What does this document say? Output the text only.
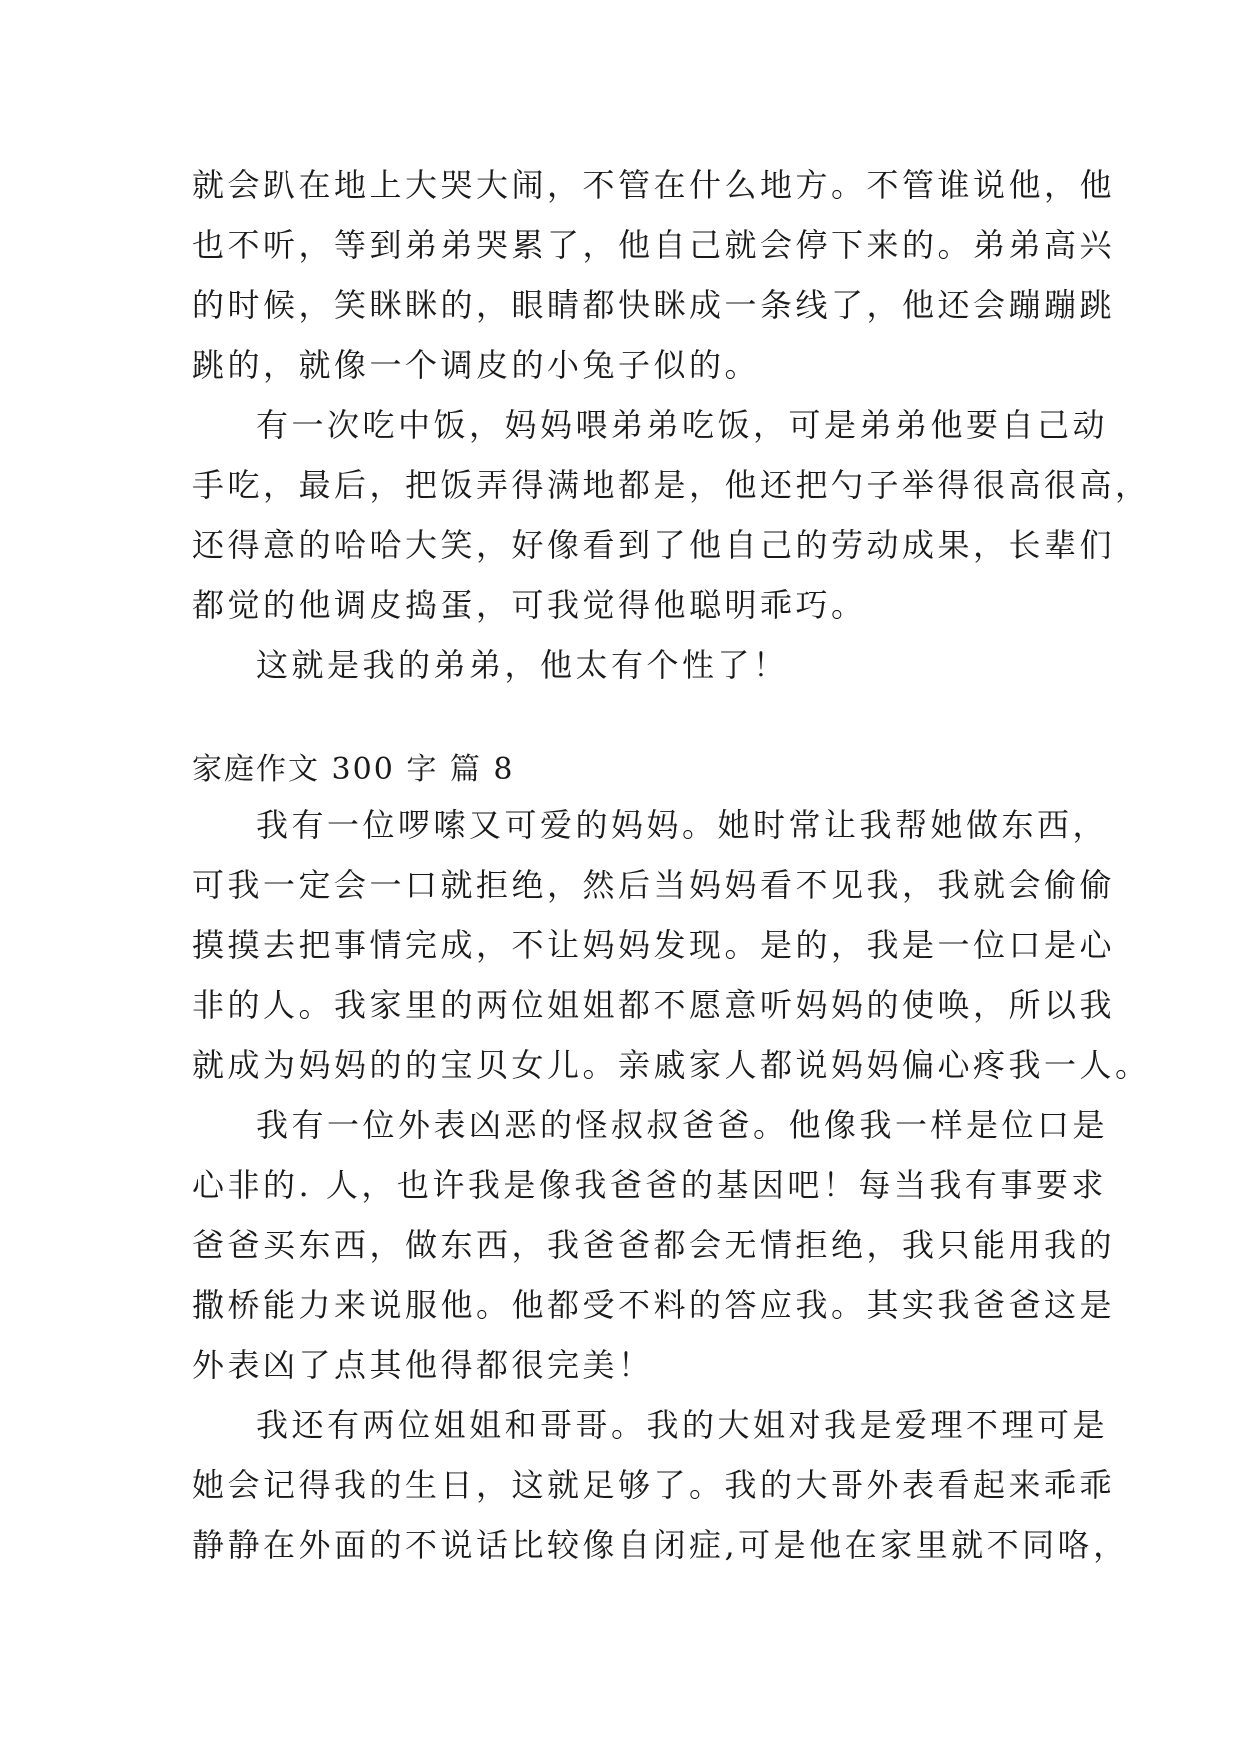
就会趴在地上大哭大闹，不管在什么地方。不管谁说他，他
也不听，等到弟弟哭累了，他自己就会停下来的。弟弟高兴
的时候，笑眯眯的，眼睛都快眯成一条线了，他还会蹦蹦跳
跳的，就像一个调皮的小兔子似的。
有一次吃中饭，妈妈喂弟弟吃饭，可是弟弟他要自己动
手吃，最后，把饭弄得满地都是，他还把勺子举得很高很高，
还得意的哈哈大笑，好像看到了他自己的劳动成果，长辈们
都觉的他调皮捣蛋，可我觉得他聪明乖巧。
这就是我的弟弟，他太有个性了！
家庭作文 300 字 篇 8
我有一位啰嗦又可爱的妈妈。她时常让我帮她做东西，
可我一定会一口就拒绝，然后当妈妈看不见我，我就会偷偷
摸摸去把事情完成，不让妈妈发现。是的，我是一位口是心
非的人。我家里的两位姐姐都不愿意听妈妈的使唤，所以我
就成为妈妈的的宝贝女儿。亲戚家人都说妈妈偏心疼我一人。
我有一位外表凶恶的怪叔叔爸爸。他像我一样是位口是
心非的. 人，也许我是像我爸爸的基因吧！每当我有事要求
爸爸买东西，做东西，我爸爸都会无情拒绝，我只能用我的
撒桥能力来说服他。他都受不料的答应我。其实我爸爸这是
外表凶了点其他得都很完美！
我还有两位姐姐和哥哥。我的大姐对我是爱理不理可是
她会记得我的生日，这就足够了。我的大哥外表看起来乖乖
静静在外面的不说话比较像自闭症,可是他在家里就不同咯，
